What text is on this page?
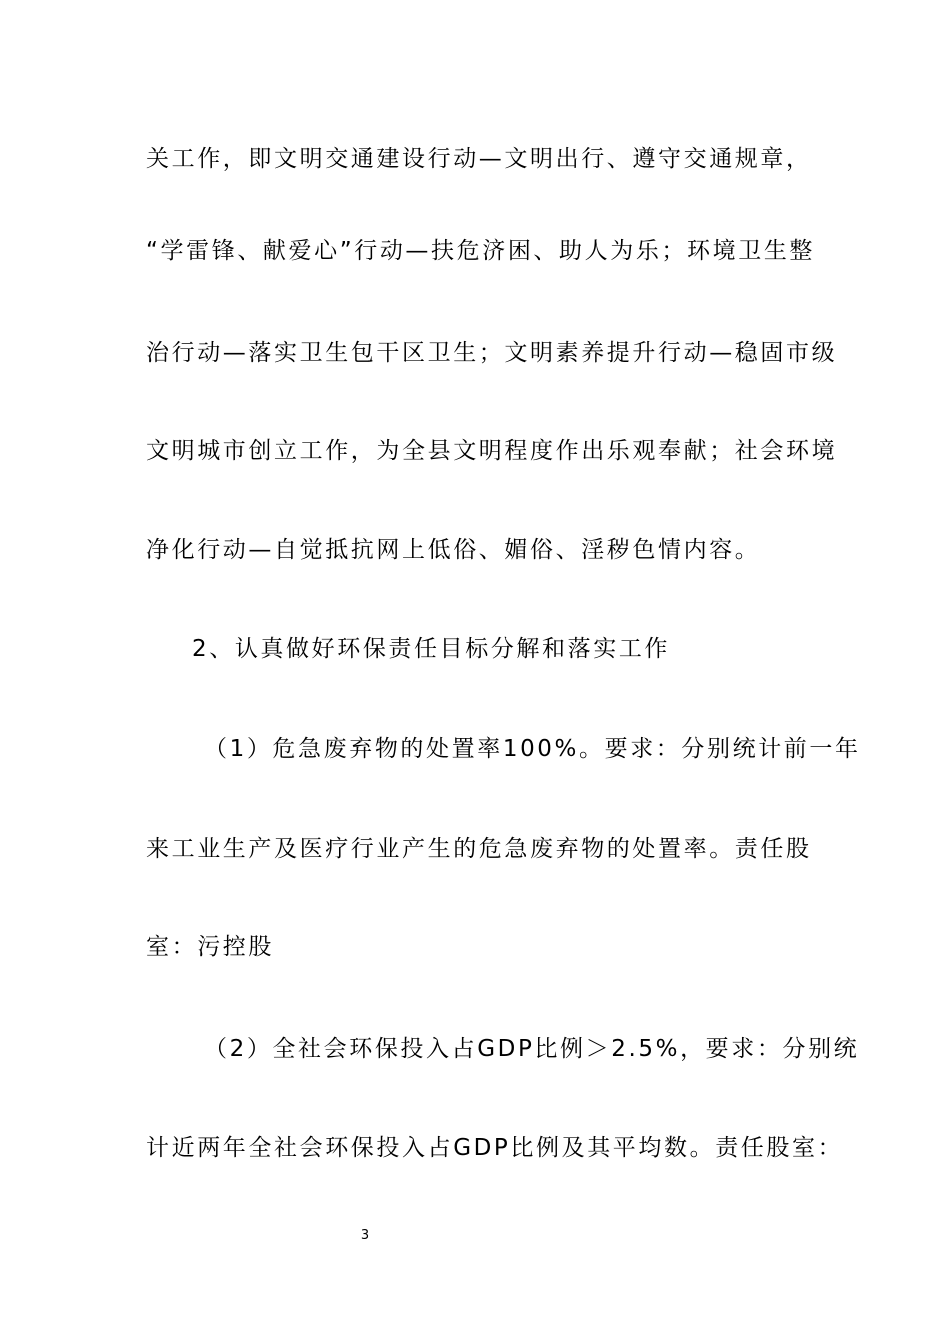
关工作，即文明交通建设行动—文明出行、遵守交通规章，
“学雷锋、献爱心”行动—扶危济困、助人为乐；环境卫生整
治行动—落实卫生包干区卫生；文明素养提升行动—稳固市级
文明城市创立工作，为全县文明程度作出乐观奉献；社会环境
净化行动—自觉抵抗网上低俗、媚俗、淫秽色情内容。
2、认真做好环保责任目标分解和落实工作
（1）危急废弃物的处置率100%。要求：分别统计前一年
来工业生产及医疗行业产生的危急废弃物的处置率。责任股
室：污控股
（2）全社会环保投入占GDP比例＞2.5%，要求：分别统
计近两年全社会环保投入占GDP比例及其平均数。责任股室：
3
